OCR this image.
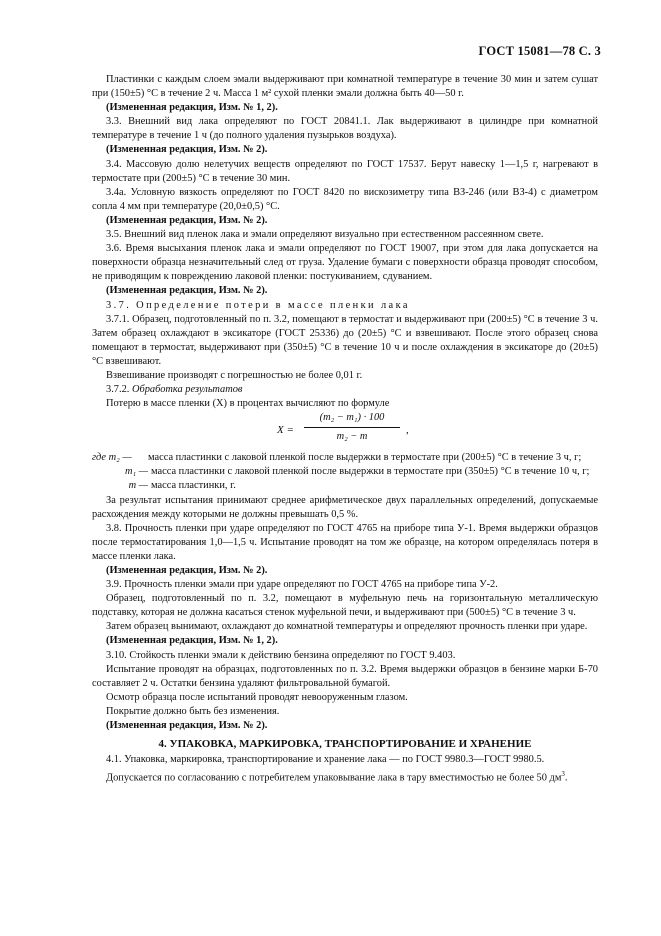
ГОСТ 15081—78 С. 3

Пластинки с каждым слоем эмали выдерживают при комнатной температуре в течение 30 мин и затем сушат при (150±5) °С в течение 2 ч. Масса 1 м² сухой пленки эмали должна быть 40—50 г.

(Измененная редакция, Изм. № 1, 2).

3.3. Внешний вид лака определяют по ГОСТ 20841.1. Лак выдерживают в цилиндре при комнатной температуре в течение 1 ч (до полного удаления пузырьков воздуха).

(Измененная редакция, Изм. № 2).

3.4. Массовую долю нелетучих веществ определяют по ГОСТ 17537. Берут навеску 1—1,5 г, нагревают в термостате при (200±5) °С в течение 30 мин.

3.4а. Условную вязкость определяют по ГОСТ 8420 по вискозиметру типа ВЗ-246 (или ВЗ-4) с диаметром сопла 4 мм при температуре (20,0±0,5) °С.

(Измененная редакция, Изм. № 2).

3.5. Внешний вид пленок лака и эмали определяют визуально при естественном рассеянном свете.

3.6. Время высыхания пленок лака и эмали определяют по ГОСТ 19007, при этом для лака допускается на поверхности образца незначительный след от груза. Удаление бумаги с поверхности образца проводят способом, не приводящим к повреждению лаковой пленки: постукиванием, сдуванием.

(Измененная редакция, Изм. № 2).

3.7. Определение потери в массе пленки лака

3.7.1. Образец, подготовленный по п. 3.2, помещают в термостат и выдерживают при (200±5) °С в течение 3 ч. Затем образец охлаждают в эксикаторе (ГОСТ 25336) до (20±5) °С и взвешивают. После этого образец снова помещают в термостат, выдерживают при (350±5) °С в течение 10 ч и после охлаждения в эксикаторе до (20±5) °С взвешивают.

Взвешивание производят с погрешностью не более 0,01 г.

3.7.2. Обработка результатов

Потерю в массе пленки (X) в процентах вычисляют по формуле

X =
(m₂ − m₁) · 100
m₂ − m
,
где m₂ —	масса пластинки с лаковой пленкой после выдержки в термостате при (200±5) °С в течение 3 ч, г;
m₁ — масса пластинки с лаковой пленкой после выдержки в термостате при (350±5) °С в течение 10 ч, г;
m — масса пластинки, г.

За результат испытания принимают среднее арифметическое двух параллельных определений, допускаемые расхождения между которыми не должны превышать 0,5 %.

3.8. Прочность пленки при ударе определяют по ГОСТ 4765 на приборе типа У-1. Время выдержки образцов после термостатирования 1,0—1,5 ч. Испытание проводят на том же образце, на котором определялась потеря в массе пленки лака.

(Измененная редакция, Изм. № 2).

3.9. Прочность пленки эмали при ударе определяют по ГОСТ 4765 на приборе типа У-2.

Образец, подготовленный по п. 3.2, помещают в муфельную печь на горизонтальную металлическую подставку, которая не должна касаться стенок муфельной печи, и выдерживают при (500±5) °С в течение 3 ч.

Затем образец вынимают, охлаждают до комнатной температуры и определяют прочность пленки при ударе.

(Измененная редакция, Изм. № 1, 2).

3.10. Стойкость пленки эмали к действию бензина определяют по ГОСТ 9.403.

Испытание проводят на образцах, подготовленных по п. 3.2. Время выдержки образцов в бензине марки Б-70 составляет 2 ч. Остатки бензина удаляют фильтровальной бумагой.

Осмотр образца после испытаний проводят невооруженным глазом.

Покрытие должно быть без изменения.

(Измененная редакция, Изм. № 2).

4. УПАКОВКА, МАРКИРОВКА, ТРАНСПОРТИРОВАНИЕ И ХРАНЕНИЕ

4.1. Упаковка, маркировка, транспортирование и хранение лака — по ГОСТ 9980.3—ГОСТ 9980.5.

Допускается по согласованию с потребителем упаковывание лака в тару вместимостью не более 50 $дм^3$.
